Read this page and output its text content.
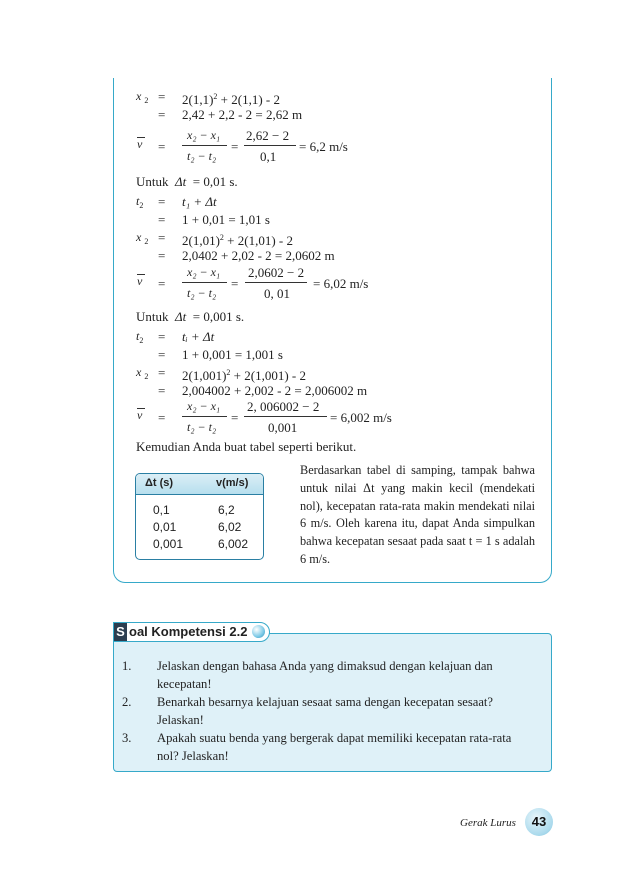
x $_2 = 2(1,1)^2 + 2(1,1) - 2$
= 2,42 + 2,2 - 2 = 2,62 m
v =
x₂ − x₁
t₂ − t₂
=
2,62 − 2
0,1
= 6,2 m/s
Untuk Δt = 0,01 s.
$t_2 = t_1 + \Delta t$
= 1 + 0,01 = 1,01 s
x $_2 = 2(1,01)^2 + 2(1,01) - 2$
= 2,0402 + 2,02 - 2 = 2,0602 m
v =
x₂ − x₁
t₂ − t₂
=
2,0602 − 2
0, 01
= 6,02 m/s
Untuk Δt = 0,001 s.
$t_2$ = tᵢ + Δt
= 1 + 0,001 = 1,001 s
x $_2 = 2(1,001)^2 + 2(1,001) - 2$
= 2,004002 + 2,002 - 2 = 2,006002 m
v =
x₂ − x₁
t₂ − t₂
=
2, 006002 − 2
0,001
= 6,002 m/s
Kemudian Anda buat tabel seperti berikut.
Δt (s)	v(m/s)
0,1	6,2
0,01	6,02
0,001	6,002
Berdasarkan tabel di samping, tampak bahwa untuk nilai Δt yang makin kecil (mendekati nol), kecepatan rata-rata makin mendekati nilai 6 m/s. Oleh karena itu, dapat Anda simpulkan bahwa kecepatan sesaat pada saat t = 1 s adalah 6 m/s.
S oal Kompetensi 2.2
1. Jelaskan dengan bahasa Anda yang dimaksud dengan kelajuan dan kecepatan!
2. Benarkah besarnya kelajuan sesaat sama dengan kecepatan sesaat? Jelaskan!
3. Apakah suatu benda yang bergerak dapat memiliki kecepatan rata-rata nol? Jelaskan!
Gerak Lurus	43
